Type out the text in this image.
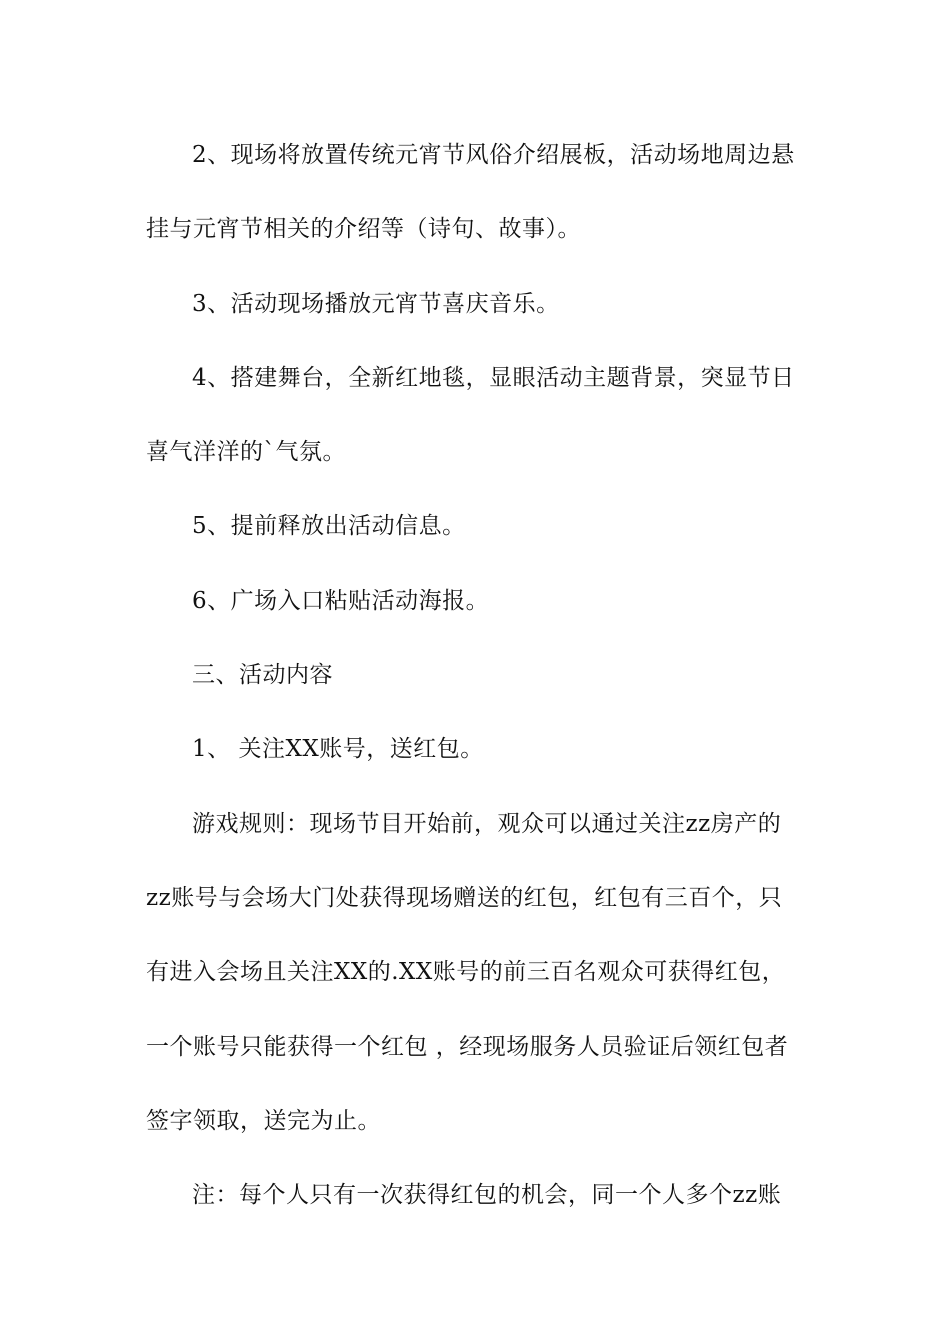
2、现场将放置传统元宵节风俗介绍展板，活动场地周边悬
挂与元宵节相关的介绍等（诗句、故事）。
3、活动现场播放元宵节喜庆音乐。
4、搭建舞台，全新红地毯，显眼活动主题背景，突显节日
喜气洋洋的`气氛。
5、提前释放出活动信息。
6、广场入口粘贴活动海报。
三、活动内容
1、 关注XX账号，送红包。
游戏规则：现场节目开始前，观众可以通过关注zz房产的
zz账号与会场大门处获得现场赠送的红包，红包有三百个，只
有进入会场且关注XX的.XX账号的前三百名观众可获得红包，
一个账号只能获得一个红包 ，经现场服务人员验证后领红包者
签字领取，送完为止。
注：每个人只有一次获得红包的机会，同一个人多个zz账
